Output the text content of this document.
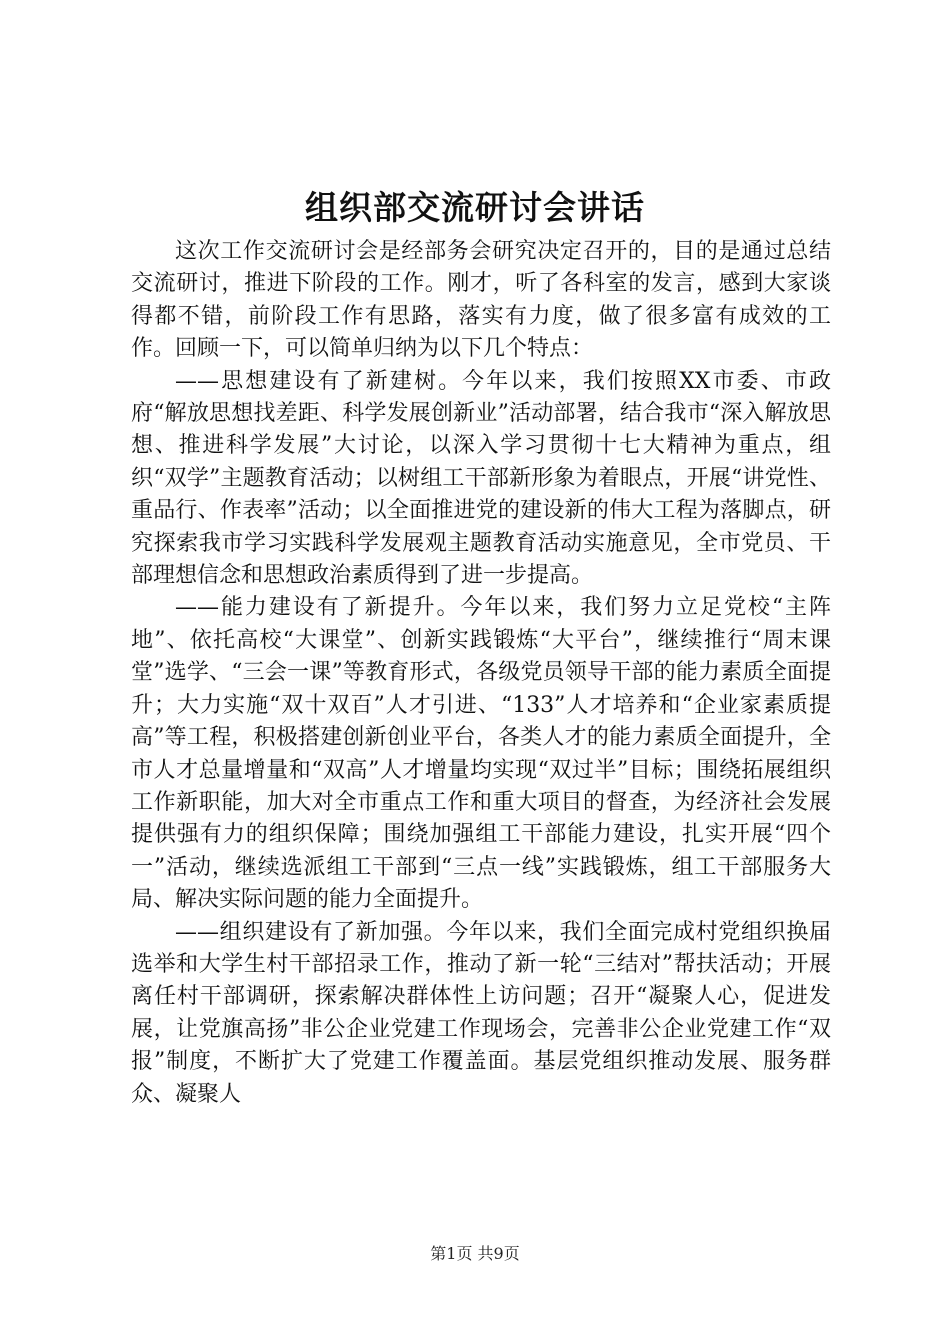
组织部交流研讨会讲话

这次工作交流研讨会是经部务会研究决定召开的，目的是通过总结交流研讨，推进下阶段的工作。刚才，听了各科室的发言，感到大家谈得都不错，前阶段工作有思路，落实有力度，做了很多富有成效的工作。回顾一下，可以简单归纳为以下几个特点：

——思想建设有了新建树。今年以来，我们按照XX市委、市政府“解放思想找差距、科学发展创新业”活动部署，结合我市“深入解放思想、推进科学发展”大讨论，以深入学习贯彻十七大精神为重点，组织“双学”主题教育活动；以树组工干部新形象为着眼点，开展“讲党性、重品行、作表率”活动；以全面推进党的建设新的伟大工程为落脚点，研究探索我市学习实践科学发展观主题教育活动实施意见，全市党员、干部理想信念和思想政治素质得到了进一步提高。

——能力建设有了新提升。今年以来，我们努力立足党校“主阵地”、依托高校“大课堂”、创新实践锻炼“大平台”，继续推行“周末课堂”选学、“三会一课”等教育形式，各级党员领导干部的能力素质全面提升；大力实施“双十双百”人才引进、“133”人才培养和“企业家素质提高”等工程，积极搭建创新创业平台，各类人才的能力素质全面提升，全市人才总量增量和“双高”人才增量均实现“双过半”目标；围绕拓展组织工作新职能，加大对全市重点工作和重大项目的督查，为经济社会发展提供强有力的组织保障；围绕加强组工干部能力建设，扎实开展“四个一”活动，继续选派组工干部到“三点一线”实践锻炼，组工干部服务大局、解决实际问题的能力全面提升。

——组织建设有了新加强。今年以来，我们全面完成村党组织换届选举和大学生村干部招录工作，推动了新一轮“三结对”帮扶活动；开展离任村干部调研，探索解决群体性上访问题；召开“凝聚人心，促进发展，让党旗高扬”非公企业党建工作现场会，完善非公企业党建工作“双报”制度，不断扩大了党建工作覆盖面。基层党组织推动发展、服务群众、凝聚人

第1页 共9页
